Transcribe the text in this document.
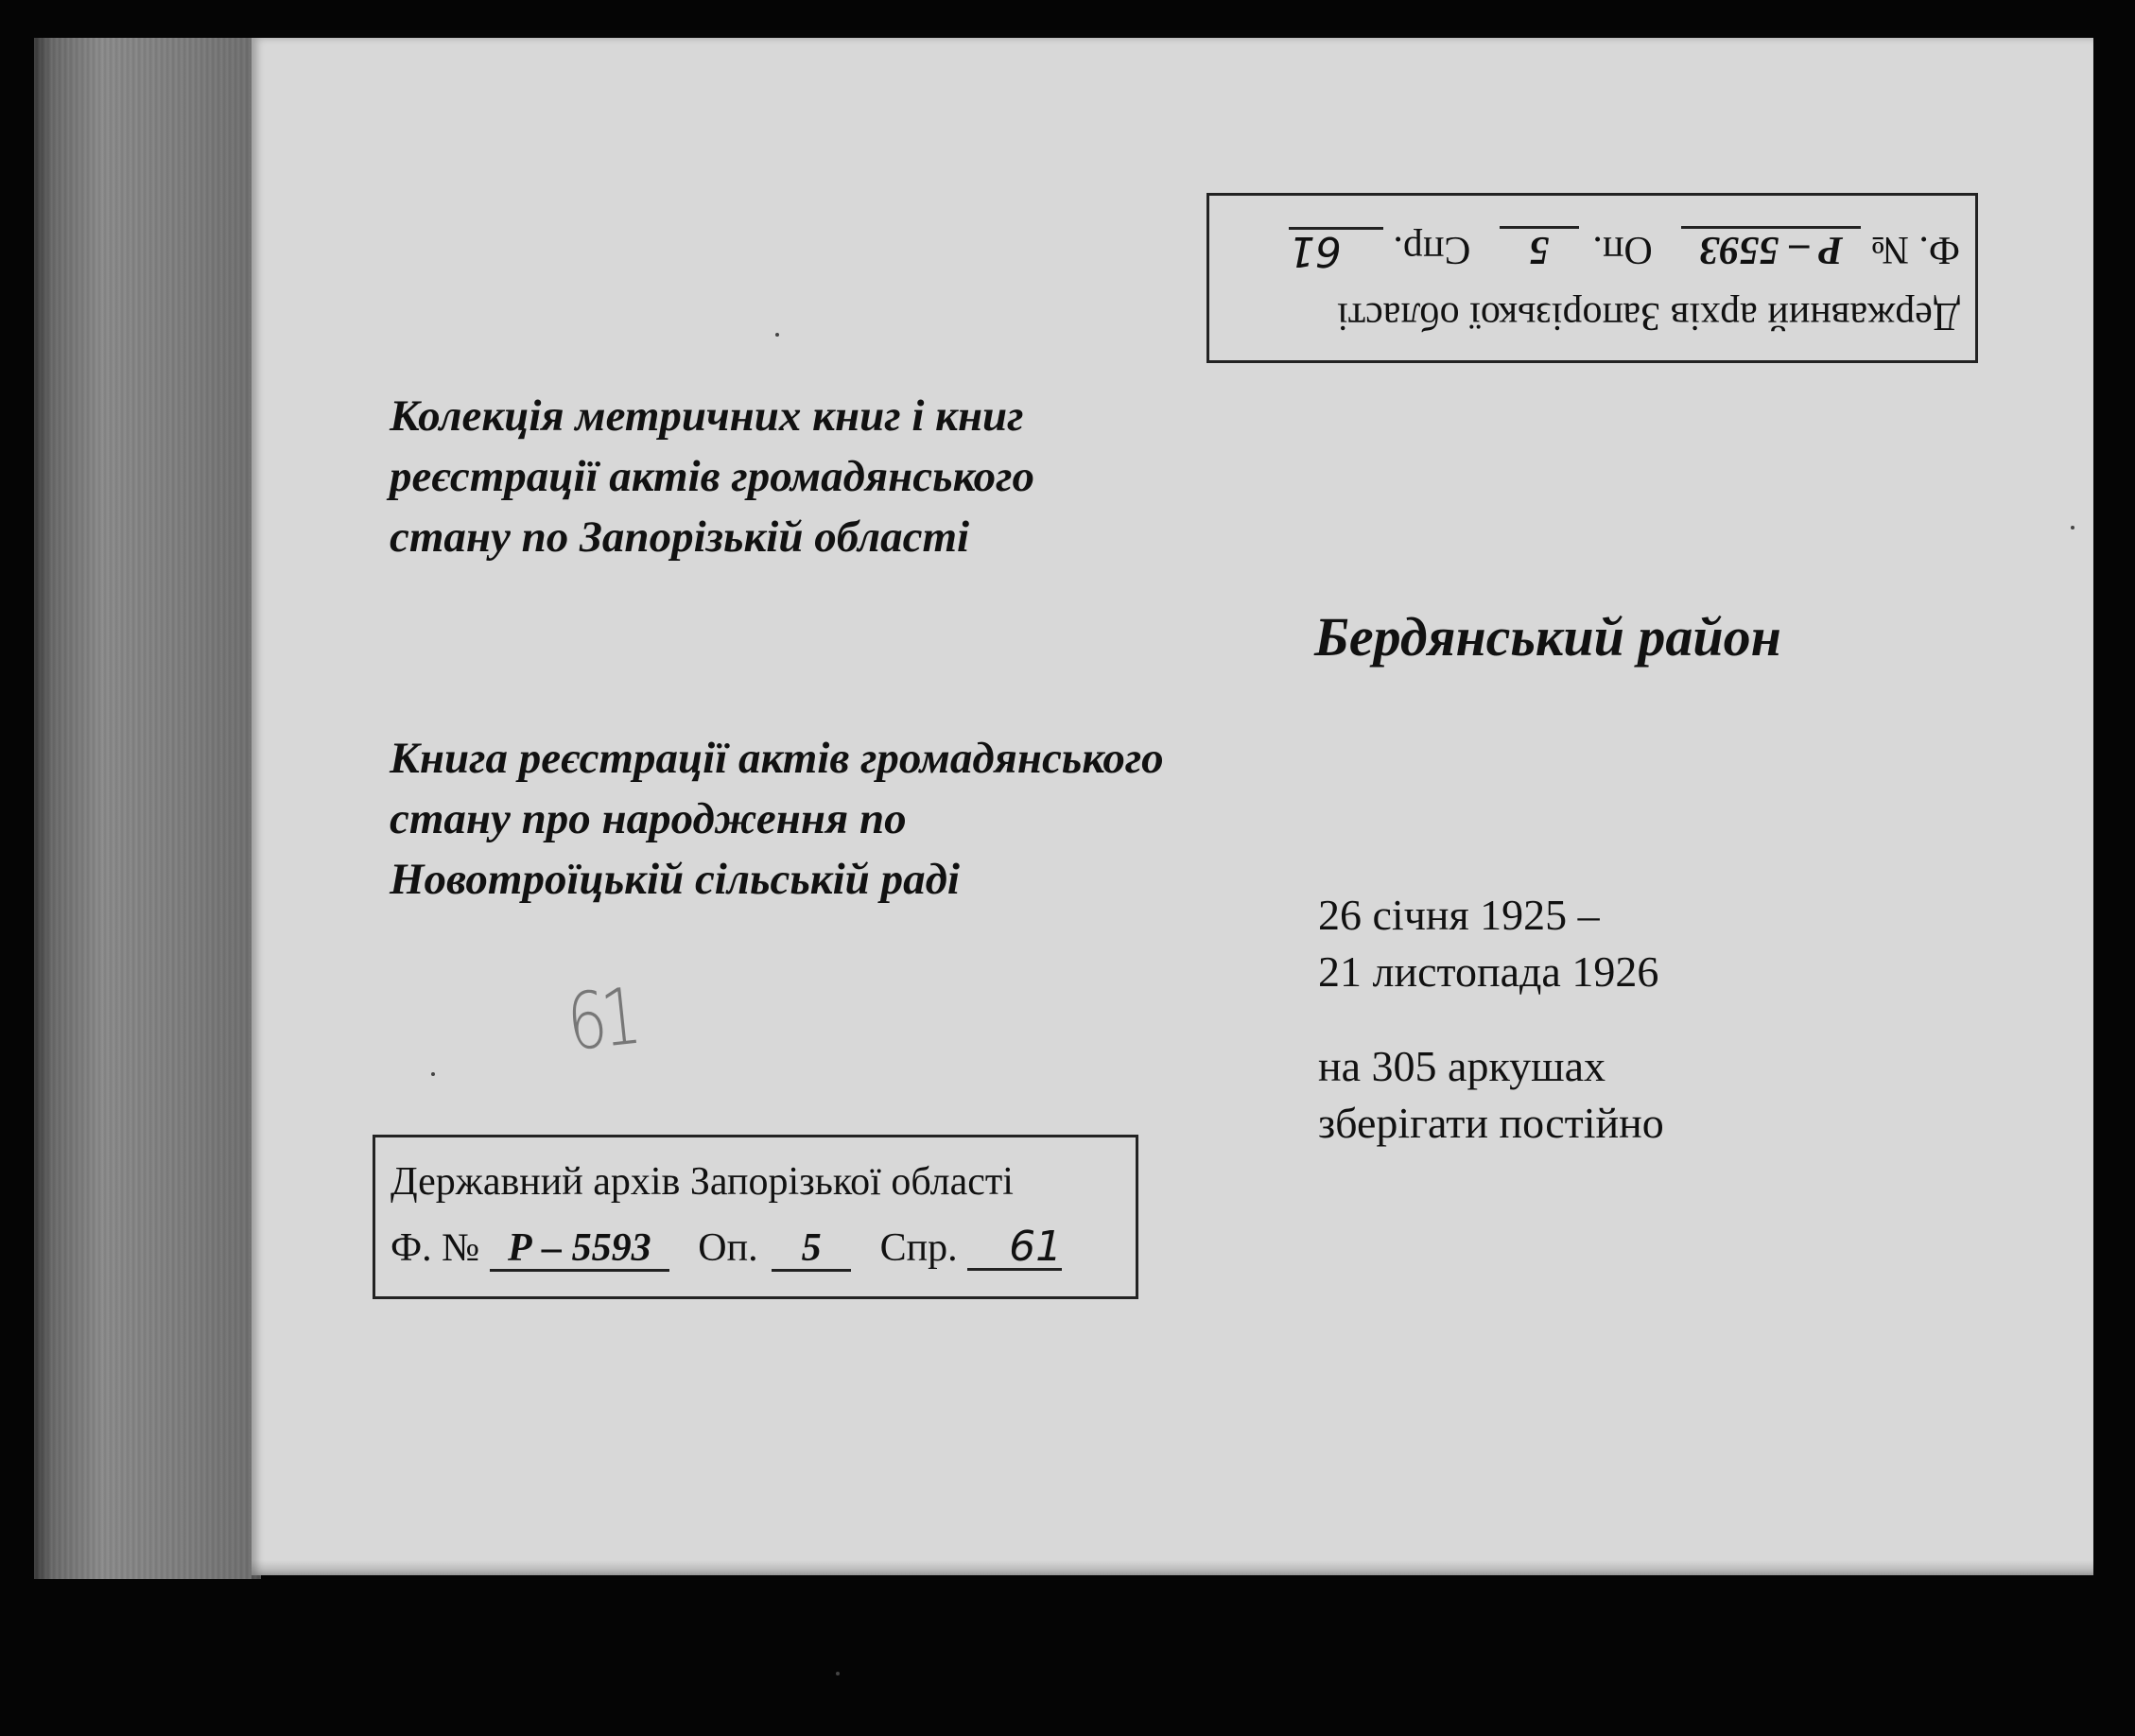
Державний архів Запорізької області
Ф. № Р – 5593 Оп. 5 Спр. 61
Колекція метричних книг і книг
реєстрації актів громадянського
стану по Запорізькій області
Бердянський район
Книга реєстрації актів громадянського
стану про народження по
Новотроїцькій сільській раді
26 січня 1925 –
21 листопада 1926
на 305 аркушах
зберігати постійно
61
Державний архів Запорізької області
Ф. № Р – 5593 Оп. 5 Спр. 61
